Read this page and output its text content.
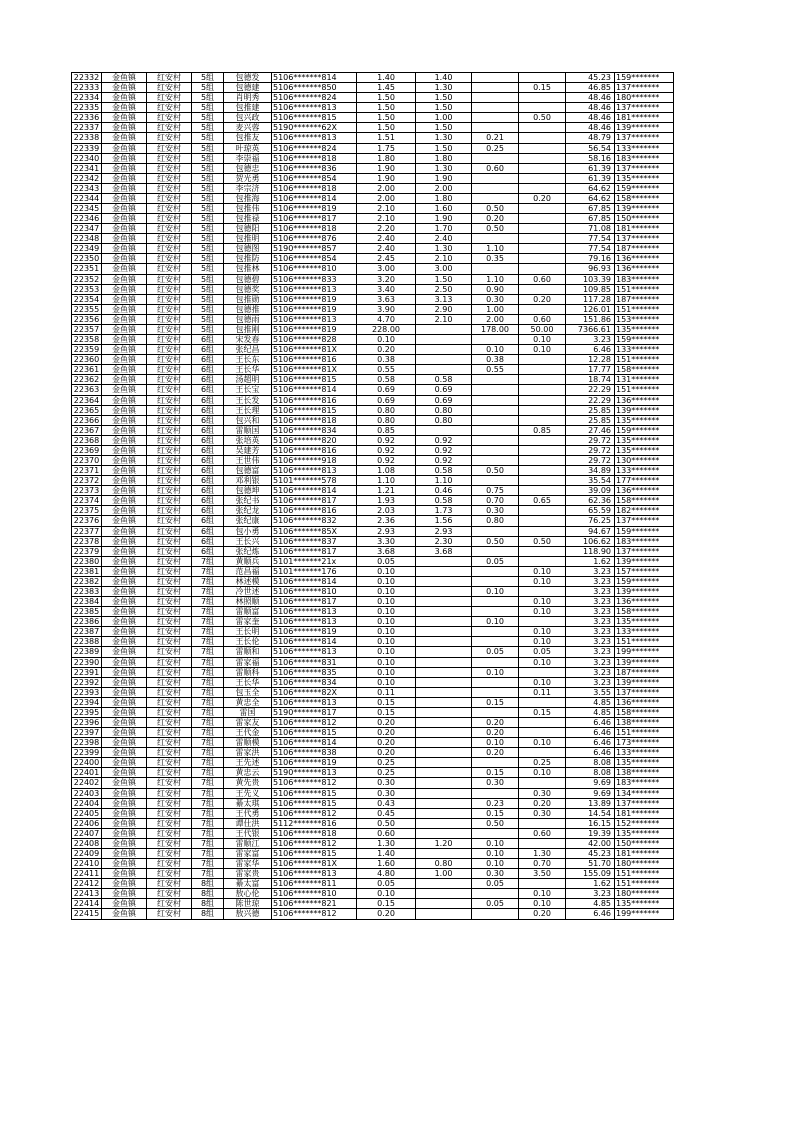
22332	金鱼镇	红安村	5组	包德发	5106*******814	1.40	1.40			45.23	159*******
22333	金鱼镇	红安村	5组	包德建	5106*******850	1.45	1.30		0.15	46.85	137*******
22334	金鱼镇	红安村	5组	肖明秀	5106*******824	1.50	1.50			48.46	180*******
22335	金鱼镇	红安村	5组	包推建	5106*******813	1.50	1.50			48.46	137*******
22336	金鱼镇	红安村	5组	包兴政	5106*******815	1.50	1.00		0.50	48.46	181*******
22337	金鱼镇	红安村	5组	麦兴蓉	5190*******62X	1.50	1.50			48.46	139*******
22338	金鱼镇	红安村	5组	包推友	5106*******813	1.51	1.30	0.21		48.79	137*******
22339	金鱼镇	红安村	5组	叶琼英	5106*******824	1.75	1.50	0.25		56.54	133*******
22340	金鱼镇	红安村	5组	李崇福	5106*******818	1.80	1.80			58.16	183*******
22341	金鱼镇	红安村	5组	包德忠	5106*******836	1.90	1.30	0.60		61.39	137*******
22342	金鱼镇	红安村	5组	贺光勇	5106*******854	1.90	1.90			61.39	135*******
22343	金鱼镇	红安村	5组	李宗济	5106*******818	2.00	2.00			64.62	159*******
22344	金鱼镇	红安村	5组	包推海	5106*******814	2.00	1.80		0.20	64.62	158*******
22345	金鱼镇	红安村	5组	包推伟	5106*******819	2.10	1.60	0.50		67.85	139*******
22346	金鱼镇	红安村	5组	包推禄	5106*******817	2.10	1.90	0.20		67.85	150*******
22347	金鱼镇	红安村	5组	包德阳	5106*******818	2.20	1.70	0.50		71.08	181*******
22348	金鱼镇	红安村	5组	包推明	5106*******876	2.40	2.40			77.54	137*******
22349	金鱼镇	红安村	5组	包德图	5190*******857	2.40	1.30	1.10		77.54	187*******
22350	金鱼镇	红安村	5组	包推防	5106*******854	2.45	2.10	0.35		79.16	136*******
22351	金鱼镇	红安村	5组	包推林	5106*******810	3.00	3.00			96.93	136*******
22352	金鱼镇	红安村	5组	包德碧	5106*******833	3.20	1.50	1.10	0.60	103.39	183*******
22353	金鱼镇	红安村	5组	包德奖	5106*******813	3.40	2.50	0.90		109.85	151*******
22354	金鱼镇	红安村	5组	包推勋	5106*******819	3.63	3.13	0.30	0.20	117.28	187*******
22355	金鱼镇	红安村	5组	包德推	5106*******819	3.90	2.90	1.00		126.01	151*******
22356	金鱼镇	红安村	5组	包德雨	5106*******813	4.70	2.10	2.00	0.60	151.86	153*******
22357	金鱼镇	红安村	5组	包推刚	5106*******819	228.00		178.00	50.00	7366.61	135*******
22358	金鱼镇	红安村	6组	宋发春	5106*******828	0.10			0.10	3.23	159*******
22359	金鱼镇	红安村	6组	张纪昌	5106*******81X	0.20		0.10	0.10	6.46	133*******
22360	金鱼镇	红安村	6组	王长东	5106*******816	0.38		0.38		12.28	151*******
22361	金鱼镇	红安村	6组	王长华	5106*******81X	0.55		0.55		17.77	158*******
22362	金鱼镇	红安村	6组	汤超明	5106*******815	0.58	0.58			18.74	131*******
22363	金鱼镇	红安村	6组	王长宝	5106*******814	0.69	0.69			22.29	151*******
22364	金鱼镇	红安村	6组	王长发	5106*******816	0.69	0.69			22.29	136*******
22365	金鱼镇	红安村	6组	王长理	5106*******815	0.80	0.80			25.85	139*******
22366	金鱼镇	红安村	6组	包兴和	5106*******818	0.80	0.80			25.85	135*******
22367	金鱼镇	红安村	6组	雷顺国	5106*******834	0.85			0.85	27.46	159*******
22368	金鱼镇	红安村	6组	张培英	5106*******820	0.92	0.92			29.72	135*******
22369	金鱼镇	红安村	6组	吴建芳	5106*******816	0.92	0.92			29.72	135*******
22370	金鱼镇	红安村	6组	王世伟	5106*******918	0.92	0.92			29.72	130*******
22371	金鱼镇	红安村	6组	包德富	5106*******813	1.08	0.58	0.50		34.89	133*******
22372	金鱼镇	红安村	6组	邓利银	5101*******578	1.10	1.10			35.54	177*******
22373	金鱼镇	红安村	6组	包德坤	5106*******814	1.21	0.46	0.75		39.09	136*******
22374	金鱼镇	红安村	6组	张纪书	5106*******817	1.93	0.58	0.70	0.65	62.36	158*******
22375	金鱼镇	红安村	6组	张纪龙	5106*******816	2.03	1.73	0.30		65.59	182*******
22376	金鱼镇	红安村	6组	张纪康	5106*******832	2.36	1.56	0.80		76.25	137*******
22377	金鱼镇	红安村	6组	包小勇	5106*******85X	2.93	2.93			94.67	159*******
22378	金鱼镇	红安村	6组	王长兴	5106*******837	3.30	2.30	0.50	0.50	106.62	183*******
22379	金鱼镇	红安村	6组	张纪炼	5106*******817	3.68	3.68			118.90	137*******
22380	金鱼镇	红安村	7组	黄顺兵	5101*******21x	0.05		0.05		1.62	139*******
22381	金鱼镇	红安村	7组	范昌福	5101*******176	0.10			0.10	3.23	157*******
22382	金鱼镇	红安村	7组	林述模	5106*******814	0.10			0.10	3.23	159*******
22383	金鱼镇	红安村	7组	冷世述	5106*******810	0.10		0.10		3.23	139*******
22384	金鱼镇	红安村	7组	林照顺	5106*******817	0.10			0.10	3.23	136*******
22385	金鱼镇	红安村	7组	雷顺富	5106*******813	0.10			0.10	3.23	158*******
22386	金鱼镇	红安村	7组	雷家奎	5106*******813	0.10		0.10		3.23	135*******
22387	金鱼镇	红安村	7组	王长明	5106*******819	0.10			0.10	3.23	133*******
22388	金鱼镇	红安村	7组	王长伦	5106*******814	0.10			0.10	3.23	151*******
22389	金鱼镇	红安村	7组	雷顺和	5106*******813	0.10		0.05	0.05	3.23	199*******
22390	金鱼镇	红安村	7组	雷家福	5106*******831	0.10			0.10	3.23	139*******
22391	金鱼镇	红安村	7组	雷顺科	5106*******835	0.10		0.10		3.23	187*******
22392	金鱼镇	红安村	7组	王长华	5106*******834	0.10			0.10	3.23	139*******
22393	金鱼镇	红安村	7组	包玉全	5106*******82X	0.11			0.11	3.55	137*******
22394	金鱼镇	红安村	7组	黄忠全	5106*******813	0.15		0.15		4.85	136*******
22395	金鱼镇	红安村	7组	雷国	5190*******817	0.15			0.15	4.85	158*******
22396	金鱼镇	红安村	7组	雷家友	5106*******812	0.20		0.20		6.46	138*******
22397	金鱼镇	红安村	7组	王代金	5106*******815	0.20		0.20		6.46	151*******
22398	金鱼镇	红安村	7组	雷顺模	5106*******814	0.20		0.10	0.10	6.46	173*******
22399	金鱼镇	红安村	7组	雷家洪	5106*******838	0.20		0.20		6.46	133*******
22400	金鱼镇	红安村	7组	王先述	5106*******819	0.25			0.25	8.08	135*******
22401	金鱼镇	红安村	7组	黄忠云	5190*******813	0.25		0.15	0.10	8.08	138*******
22402	金鱼镇	红安村	7组	黄先贵	5106*******812	0.30		0.30		9.69	183*******
22403	金鱼镇	红安村	7组	王先义	5106*******815	0.30			0.30	9.69	134*******
22404	金鱼镇	红安村	7组	綦太琪	5106*******815	0.43		0.23	0.20	13.89	137*******
22405	金鱼镇	红安村	7组	王代勇	5106*******812	0.45		0.15	0.30	14.54	181*******
22406	金鱼镇	红安村	7组	谭仕洪	5112*******816	0.50		0.50		16.15	152*******
22407	金鱼镇	红安村	7组	王代银	5106*******818	0.60			0.60	19.39	135*******
22408	金鱼镇	红安村	7组	雷顺江	5106*******812	1.30	1.20	0.10		42.00	150*******
22409	金鱼镇	红安村	7组	雷家富	5106*******815	1.40		0.10	1.30	45.23	181*******
22410	金鱼镇	红安村	7组	雷家华	5106*******81X	1.60	0.80	0.10	0.70	51.70	180*******
22411	金鱼镇	红安村	7组	雷家贵	5106*******813	4.80	1.00	0.30	3.50	155.09	151*******
22412	金鱼镇	红安村	8组	綦太富	5106*******811	0.05		0.05		1.62	151*******
22413	金鱼镇	红安村	8组	敖心伦	5106*******810	0.10			0.10	3.23	180*******
22414	金鱼镇	红安村	8组	陈世琼	5106*******821	0.15		0.05	0.10	4.85	135*******
22415	金鱼镇	红安村	8组	敖兴德	5106*******812	0.20			0.20	6.46	199*******
